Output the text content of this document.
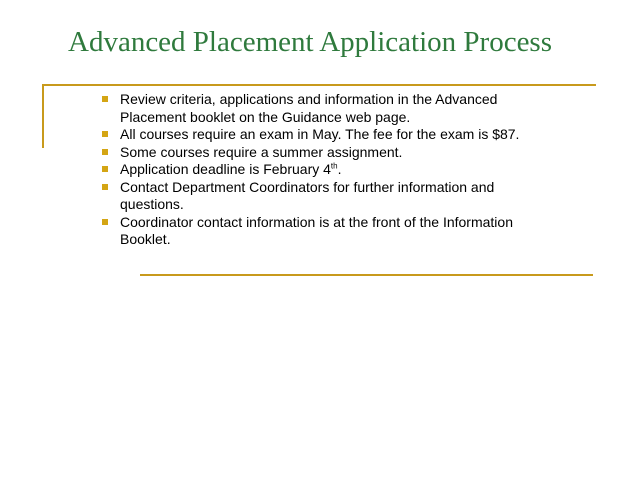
Advanced Placement Application Process
Review criteria, applications and information in the Advanced Placement booklet on the Guidance web page.
All courses require an exam in May. The fee for the exam is $87.
Some courses require a summer assignment.
Application deadline is February 4th.
Contact Department Coordinators for further information and questions.
Coordinator contact information is at the front of the Information Booklet.
